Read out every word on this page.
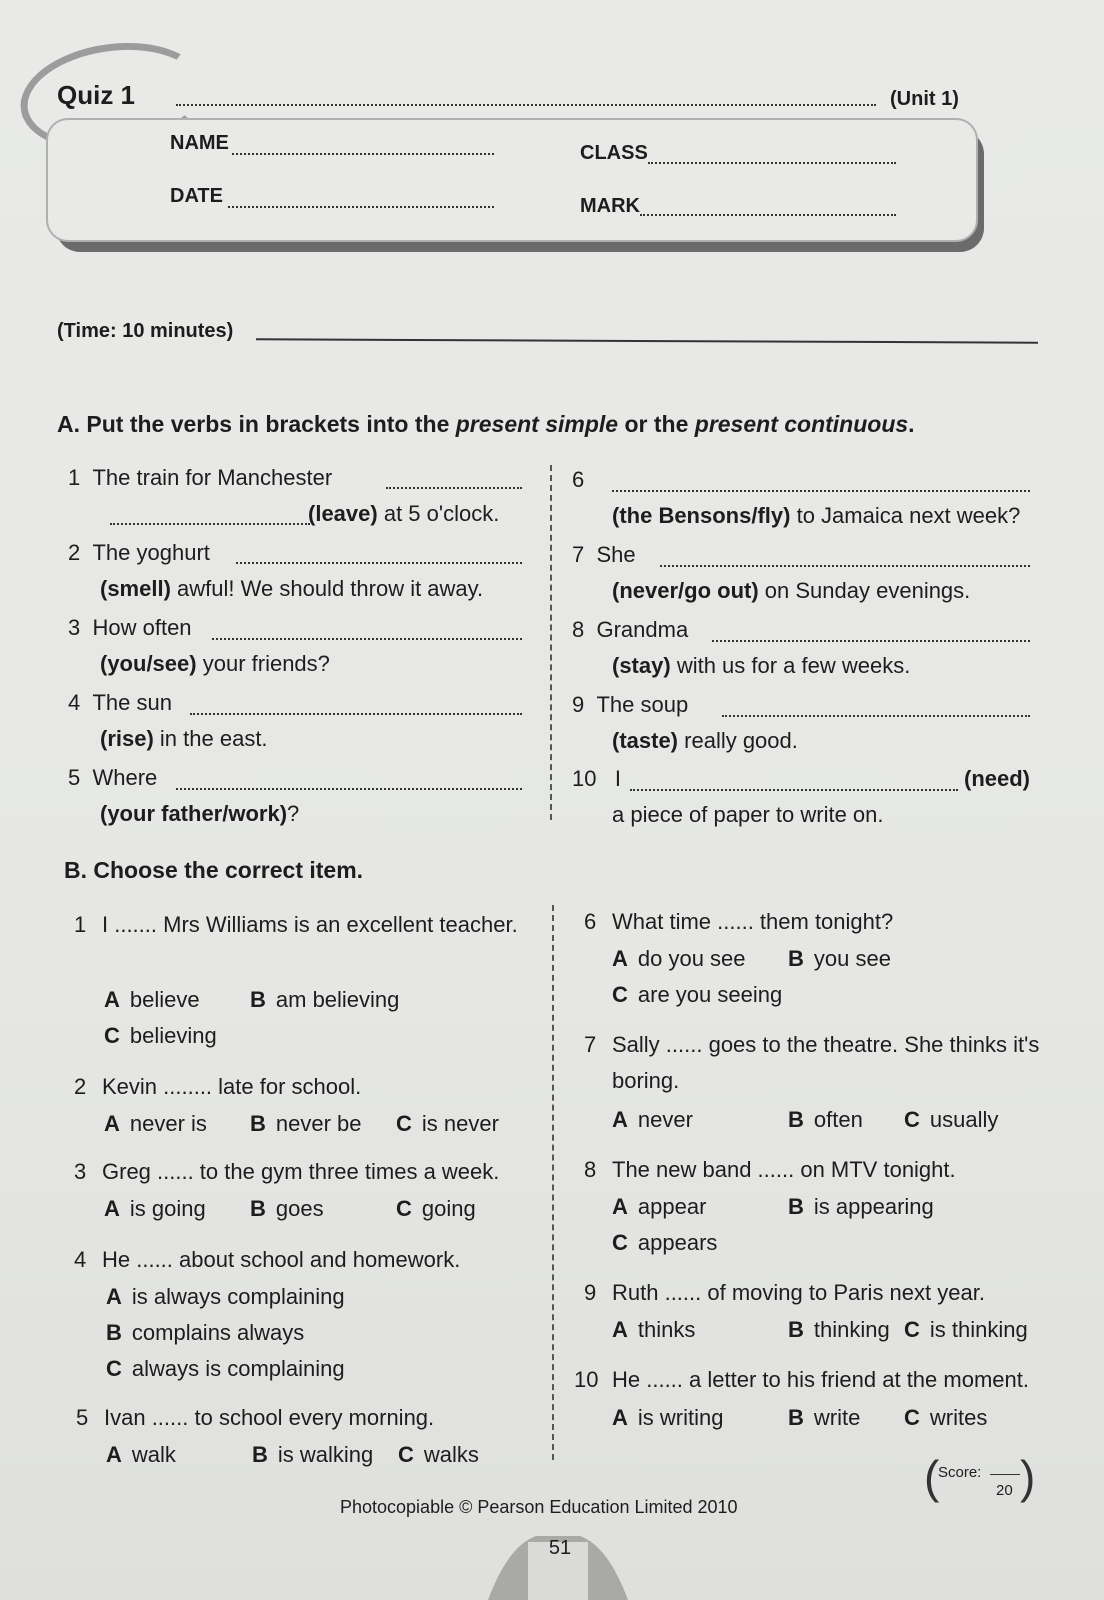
Quiz 1	(Unit 1)
NAME	CLASS
DATE	MARK
(Time: 10 minutes)
A. Put the verbs in brackets into the present simple or the present continuous.
1 The train for Manchester
(leave) at 5 o'clock.
2 The yoghurt
(smell) awful! We should throw it away.
3 How often
(you/see) your friends?
4 The sun
(rise) in the east.
5 Where
(your father/work)?
6
(the Bensons/fly) to Jamaica next week?
7 She
(never/go out) on Sunday evenings.
8 Grandma
(stay) with us for a few weeks.
9 The soup
(taste) really good.
10 I
a piece of paper to write on.
(need)
B. Choose the correct item.
1 I ....... Mrs Williams is an excellent teacher.
A believe B am believing
C believing
2 Kevin ........ late for school.
A never is	B never be	C is never
3 Greg ...... to the gym three times a week.
A is going	B goes	C going
4 He ...... about school and homework.
A is always complaining
B complains always
C always is complaining
5 Ivan ...... to school every morning.
A walk	B is walking	C walks
6 What time ...... them tonight?
A do you see B you see
C are you seeing
7 Sally ...... goes to the theatre. She thinks it's boring.
A never	B often	C usually
8 The new band ...... on MTV tonight.
A appear	B is appearing
C appears
9 Ruth ...... of moving to Paris next year.
A thinks	B thinking C is thinking
10 He ...... a letter to his friend at the moment.
A is writing	B write	C writes
(
Score:
20 )
Photocopiable © Pearson Education Limited 2010
51
